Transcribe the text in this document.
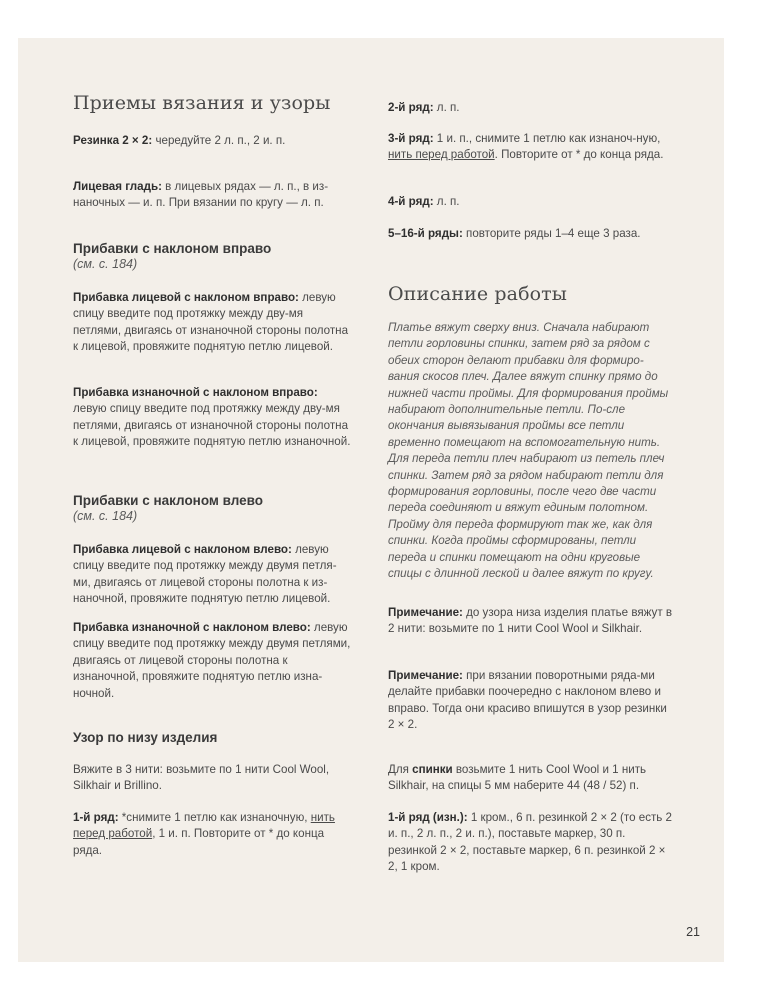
Приемы вязания и узоры

Резинка 2 × 2: чередуйте 2 л. п., 2 и. п.

Лицевая гладь: в лицевых рядах — л. п., в из-наночных — и. п. При вязании по кругу — л. п.

Прибавки с наклоном вправо
(см. с. 184)

Прибавка лицевой с наклоном вправо: левую спицу введите под протяжку между дву-мя петлями, двигаясь от изнаночной стороны полотна к лицевой, провяжите поднятую петлю лицевой.

Прибавка изнаночной с наклоном вправо: левую спицу введите под протяжку между дву-мя петлями, двигаясь от изнаночной стороны полотна к лицевой, провяжите поднятую петлю изнаночной.

Прибавки с наклоном влево
(см. с. 184)

Прибавка лицевой с наклоном влево: левую спицу введите под протяжку между двумя петля-ми, двигаясь от лицевой стороны полотна к из-наночной, провяжите поднятую петлю лицевой.

Прибавка изнаночной с наклоном влево: левую спицу введите под протяжку между двумя петлями, двигаясь от лицевой стороны полотна к изнаночной, провяжите поднятую петлю изна-ночной.

Узор по низу изделия

Вяжите в 3 нити: возьмите по 1 нити Cool Wool, Silkhair и Brillino.

1-й ряд: *снимите 1 петлю как изнаночную, нить перед работой, 1 и. п. Повторите от * до конца ряда.

2-й ряд: л. п.

3-й ряд: 1 и. п., снимите 1 петлю как изнаноч-ную, нить перед работой. Повторите от * до конца ряда.

4-й ряд: л. п.

5–16-й ряды: повторите ряды 1–4 еще 3 раза.

Описание работы

Платье вяжут сверху вниз. Сначала набирают петли горловины спинки, затем ряд за рядом с обеих сторон делают прибавки для формиро-вания скосов плеч. Далее вяжут спинку прямо до нижней части проймы. Для формирования проймы набирают дополнительные петли. По-сле окончания вывязывания проймы все петли временно помещают на вспомогательную нить. Для переда петли плеч набирают из петель плеч спинки. Затем ряд за рядом набирают петли для формирования горловины, после чего две части переда соединяют и вяжут единым полотном. Пройму для переда формируют так же, как для спинки. Когда проймы сформированы, петли переда и спинки помещают на одни круговые спицы с длинной леской и далее вяжут по кругу.

Примечание: до узора низа изделия платье вяжут в 2 нити: возьмите по 1 нити Cool Wool и Silkhair.

Примечание: при вязании поворотными ряда-ми делайте прибавки поочередно с наклоном влево и вправо. Тогда они красиво впишутся в узор резинки 2 × 2.

Для спинки возьмите 1 нить Cool Wool и 1 нить Silkhair, на спицы 5 мм наберите 44 (48 / 52) п.

1-й ряд (изн.): 1 кром., 6 п. резинкой 2 × 2 (то есть 2 и. п., 2 л. п., 2 и. п.), поставьте маркер, 30 п. резинкой 2 × 2, поставьте маркер, 6 п. резинкой 2 × 2, 1 кром.

21
